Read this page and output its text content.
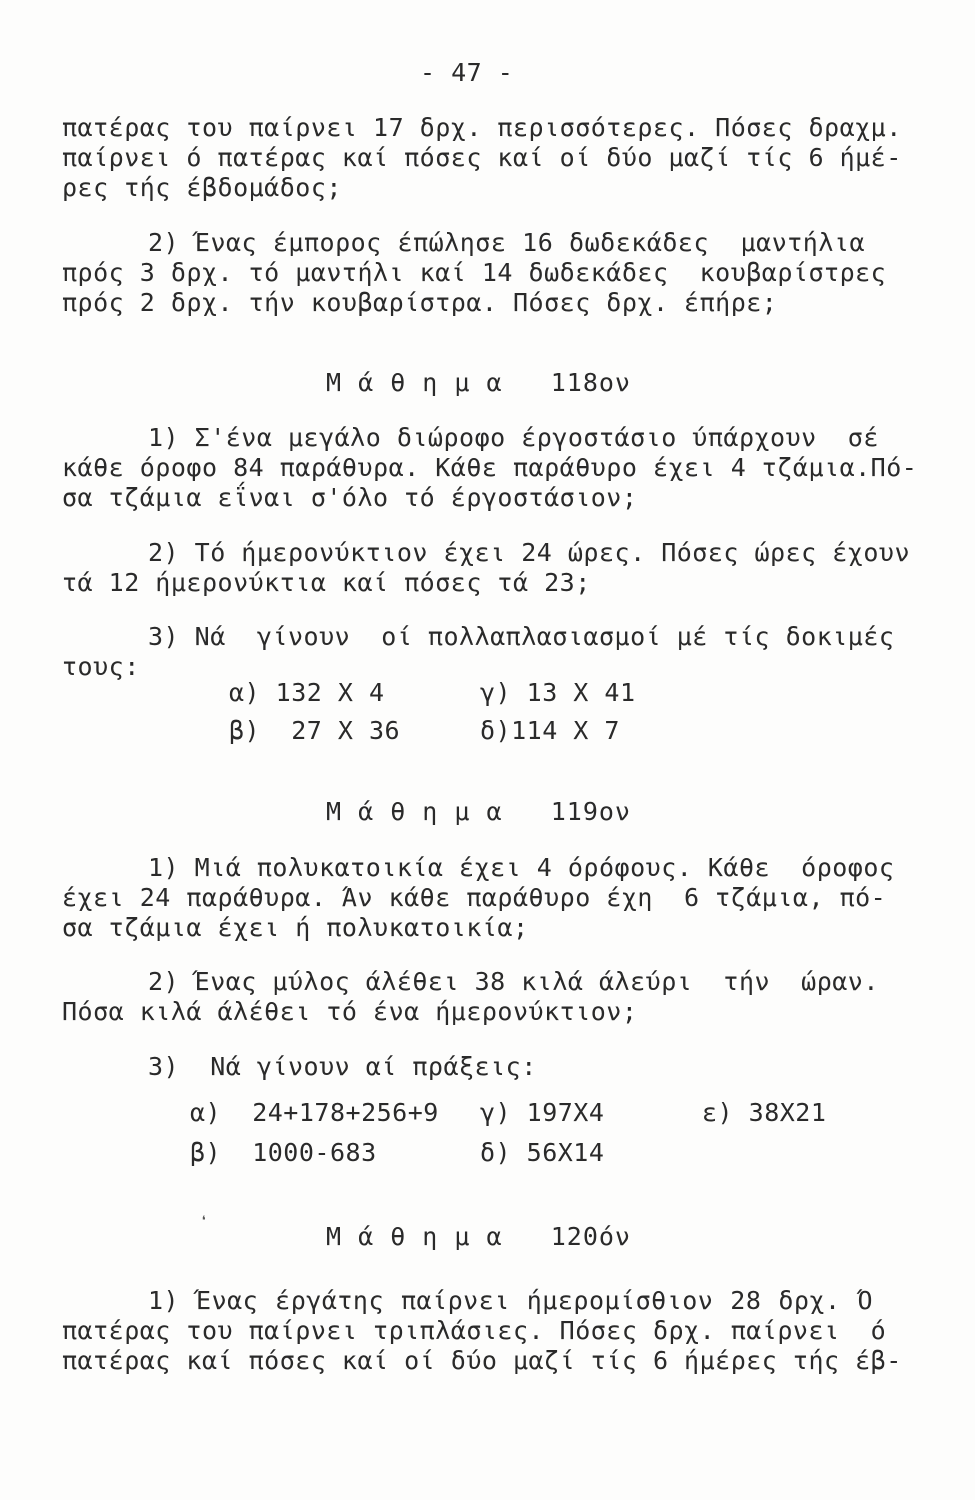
- 47 -
πατέρας του παίρνει 17 δρχ. περισσότερες. Πόσες δραχμ.
παίρνει ό πατέρας καί πόσες καί οί δύο μαζί τίς 6 ήμέ-
ρες τής έβδομάδος;
2) Ένας έμπορος έπώλησε 16 δωδεκάδες  μαντήλια
πρός 3 δρχ. τό μαντήλι καί 14 δωδεκάδες  κουβαρίστρες
πρός 2 δρχ. τήν κουβαρίστρα. Πόσες δρχ. έπήρε;
Μ ά θ η μ α   118ον
1) Σ'ένα μεγάλο διώροφο έργοστάσιο ύπάρχουν  σέ
κάθε όροφο 84 παράθυρα. Κάθε παράθυρο έχει 4 τζάμια.Πό-
σα τζάμια εΐναι σ'όλο τό έργοστάσιον;
2) Τό ήμερονύκτιον έχει 24 ώρες. Πόσες ώρες έχουν
τά 12 ήμερονύκτια καί πόσες τά 23;
3) Νά  γίνουν  οί πολλαπλασιασμοί μέ τίς δοκιμές
τους:
α) 132 Χ 4	γ) 13 Χ 41
β)  27 Χ 36	δ)114 Χ 7
Μ ά θ η μ α   119ον
1) Μιά πολυκατοικία έχει 4 όρόφους. Κάθε  όροφος
έχει 24 παράθυρα. Άν κάθε παράθυρο έχη  6 τζάμια, πό-
σα τζάμια έχει ή πολυκατοικία;
2) Ένας μύλος άλέθει 38 κιλά άλεύρι  τήν  ώραν.
Πόσα κιλά άλέθει τό ένα ήμερονύκτιον;
3)  Νά γίνουν αί πράξεις:
α)  24+178+256+9 γ) 197Χ4	ε) 38Χ21
β)  1000-683	δ) 56Χ14
❛
Μ ά θ η μ α   120όν
1) Ένας έργάτης παίρνει ήμερομίσθιον 28 δρχ. Ό
πατέρας του παίρνει τριπλάσιες. Πόσες δρχ. παίρνει  ό
πατέρας καί πόσες καί οί δύο μαζί τίς 6 ήμέρες τής έβ-
